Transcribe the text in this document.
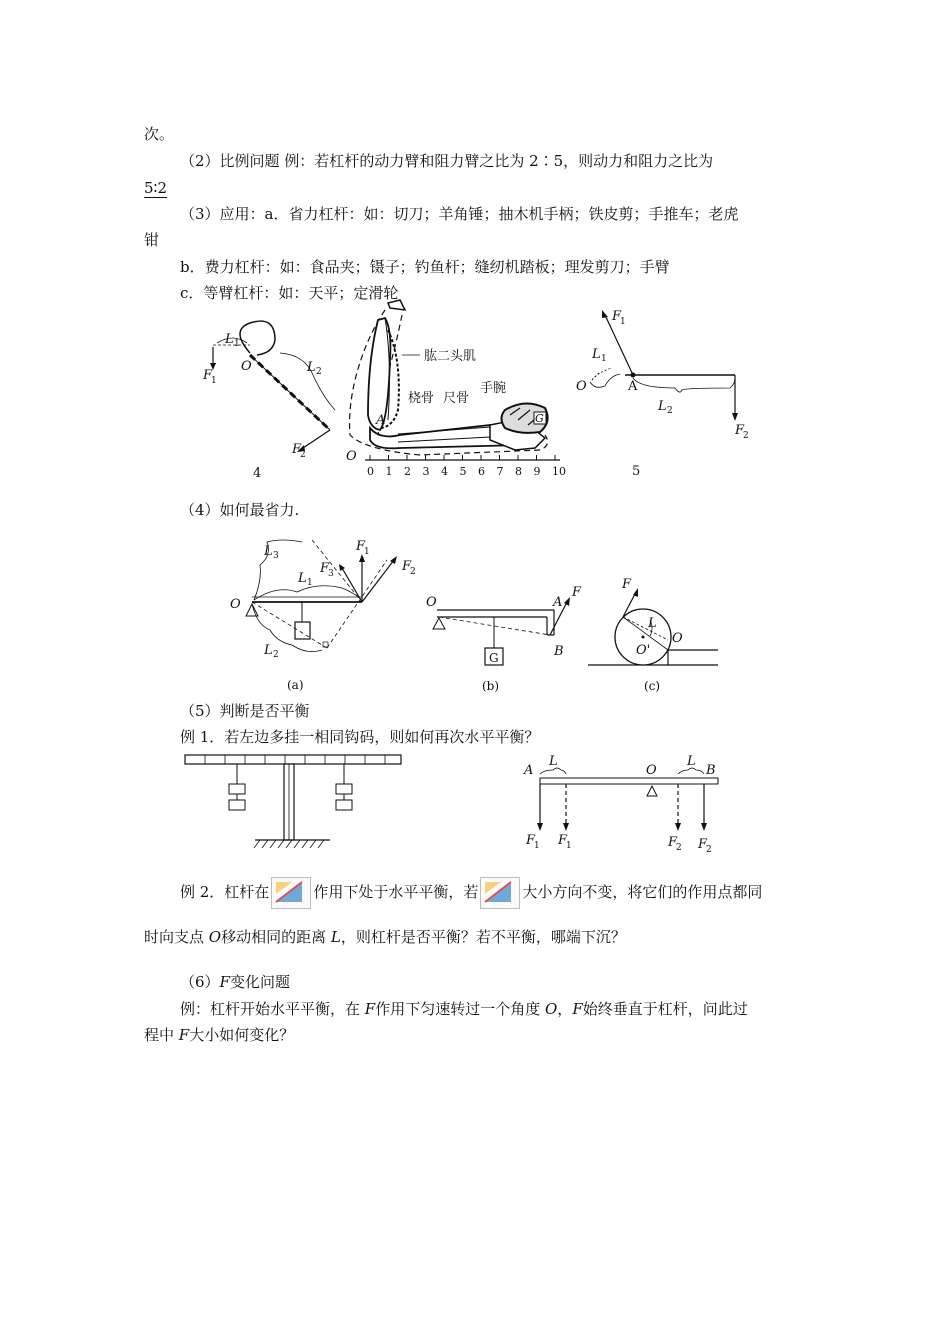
次。
（2）比例问题 例：若杠杆的动力臂和阻力臂之比为 2∶5，则动力和阻力之比为
5∶2
（3）应用：a．省力杠杆：如：切刀；羊角锤；抽木机手柄；铁皮剪；手推车；老虎
钳
b．费力杠杆：如：食品夹；镊子；钓鱼杆；缝纫机踏板；理发剪刀；手臂
c．等臂杠杆：如：天平；定滑轮
L 1
L 2
O
F
1
F
2
4
G
0 1 2 3 4 5 6 7 8 9 10
肱二头肌
桡骨 尺骨
手腕
A
O
F
1
L 1
O	A
L 2
F
2
5
（4）如何最省力.
L 3
F
3
F
1
F
2
L 1
O
L 2
(a)
G
O	A
F
B
(b)
F
L
O
O'
(c)
（5）判断是否平衡
例 1．若左边多挂一相同钩码，则如何再次水平平衡？
A
L
O
L
B
F
1 F
1	F
2 F
2
例 2．杠杆在	作用下处于水平平衡，若	大小方向不变，将它们的作用点都同
时向支点 O移动相同的距离 L，则杠杆是否平衡？若不平衡，哪端下沉？
（6）F变化问题
例：杠杆开始水平平衡，在 F作用下匀速转过一个角度 O，F始终垂直于杠杆，问此过
程中 F大小如何变化？
